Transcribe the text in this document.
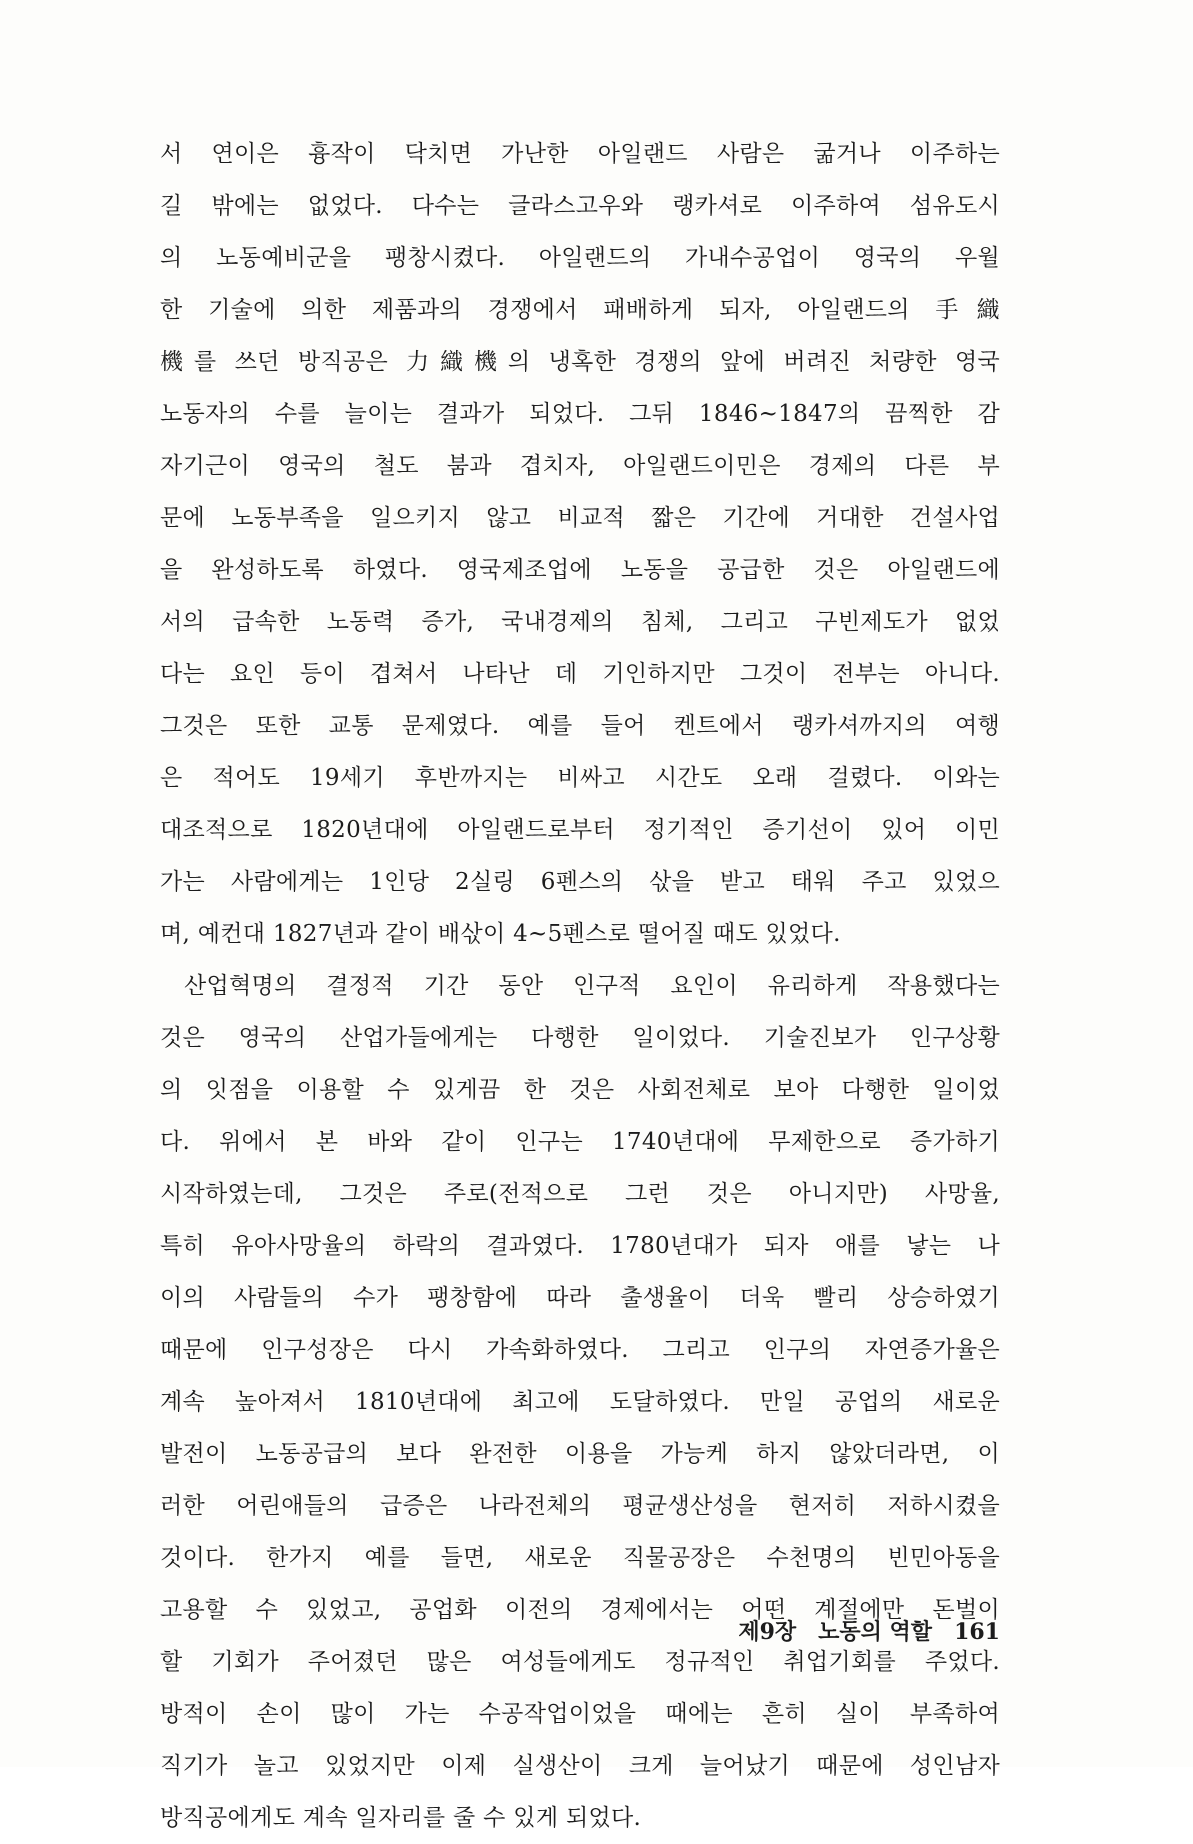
서 연이은 흉작이 닥치면 가난한 아일랜드 사람은 굶거나 이주하는
길 밖에는 없었다. 다수는 글라스고우와 랭카셔로 이주하여 섬유도시
의 노동예비군을 팽창시켰다. 아일랜드의 가내수공업이 영국의 우월
한 기술에 의한 제품과의 경쟁에서 패배하게 되자, 아일랜드의 手織
機를 쓰던 방직공은 力織機의 냉혹한 경쟁의 앞에 버려진 처량한 영국
노동자의 수를 늘이는 결과가 되었다. 그뒤 1846~1847의 끔찍한 감
자기근이 영국의 철도 붐과 겹치자, 아일랜드이민은 경제의 다른 부
문에 노동부족을 일으키지 않고 비교적 짧은 기간에 거대한 건설사업
을 완성하도록 하였다. 영국제조업에 노동을 공급한 것은 아일랜드에
서의 급속한 노동력 증가, 국내경제의 침체, 그리고 구빈제도가 없었
다는 요인 등이 겹쳐서 나타난 데 기인하지만 그것이 전부는 아니다.
그것은 또한 교통 문제였다. 예를 들어 켄트에서 랭카셔까지의 여행
은 적어도 19세기 후반까지는 비싸고 시간도 오래 걸렸다. 이와는
대조적으로 1820년대에 아일랜드로부터 정기적인 증기선이 있어 이민
가는 사람에게는 1인당 2실링 6펜스의 삯을 받고 태워 주고 있었으
며, 예컨대 1827년과 같이 배삯이 4~5펜스로 떨어질 때도 있었다.
산업혁명의 결정적 기간 동안 인구적 요인이 유리하게 작용했다는
것은 영국의 산업가들에게는 다행한 일이었다. 기술진보가 인구상황
의 잇점을 이용할 수 있게끔 한 것은 사회전체로 보아 다행한 일이었
다. 위에서 본 바와 같이 인구는 1740년대에 무제한으로 증가하기
시작하였는데, 그것은 주로(전적으로 그런 것은 아니지만) 사망율,
특히 유아사망율의 하락의 결과였다. 1780년대가 되자 애를 낳는 나
이의 사람들의 수가 팽창함에 따라 출생율이 더욱 빨리 상승하였기
때문에 인구성장은 다시 가속화하였다. 그리고 인구의 자연증가율은
계속 높아져서 1810년대에 최고에 도달하였다. 만일 공업의 새로운
발전이 노동공급의 보다 완전한 이용을 가능케 하지 않았더라면, 이
러한 어린애들의 급증은 나라전체의 평균생산성을 현저히 저하시켰을
것이다. 한가지 예를 들면, 새로운 직물공장은 수천명의 빈민아동을
고용할 수 있었고, 공업화 이전의 경제에서는 어떤 계절에만 돈벌이
할 기회가 주어졌던 많은 여성들에게도 정규적인 취업기회를 주었다.
방적이 손이 많이 가는 수공작업이었을 때에는 흔히 실이 부족하여
직기가 놀고 있었지만 이제 실생산이 크게 늘어났기 때문에 성인남자
방직공에게도 계속 일자리를 줄 수 있게 되었다.
제9장 노동의 역할 161
